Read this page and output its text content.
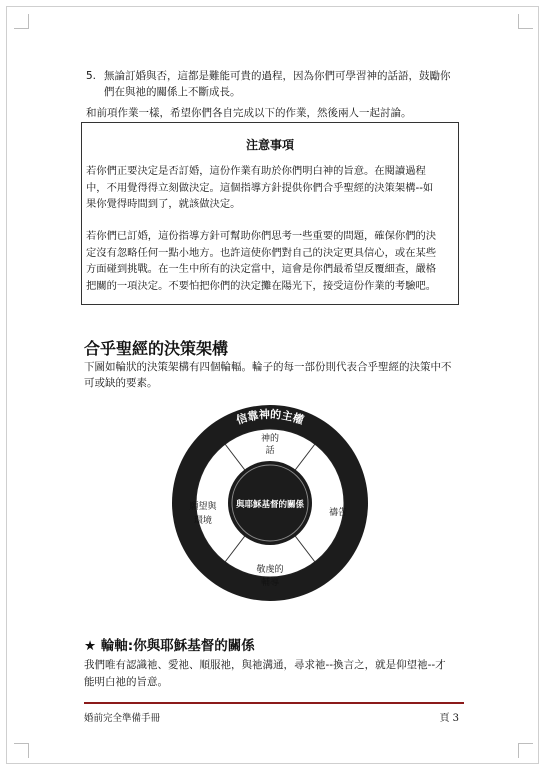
5. 無論訂婚與否，這都是難能可貴的過程，因為你們可學習神的話語，鼓勵你
們在與祂的關係上不斷成長。
和前項作業一樣，希望你們各自完成以下的作業，然後兩人一起討論。
注意事項
若你們正要決定是否訂婚，這份作業有助於你們明白神的旨意。在閱讀過程
中，不用覺得得立刻做決定。這個指導方針提供你們合乎聖經的決策架構--如
果你覺得時間到了，就該做決定。
若你們已訂婚，這份指導方針可幫助你們思考一些重要的問題，確保你們的決
定沒有忽略任何一點小地方。也許這使你們對自己的決定更具信心，或在某些
方面碰到挑戰。在一生中所有的決定當中，這會是你們最希望反覆細查，嚴格
把關的一項決定。不要怕把你們的決定攤在陽光下，接受這份作業的考驗吧。
合乎聖經的決策架構
下圖如輪狀的決策架構有四個輪輻。輪子的每一部份則代表合乎聖經的決策中不
可或缺的要素。
信靠神的主權
與耶穌基督的關係
神的
話
禱告
敬虔的
輔導
願望與
環境
★ 輪軸:你與耶穌基督的關係
我們唯有認識祂、愛祂、順服祂，與祂溝通，尋求祂--換言之，就是仰望祂--才
能明白祂的旨意。
婚前完全準備手冊	頁 3
